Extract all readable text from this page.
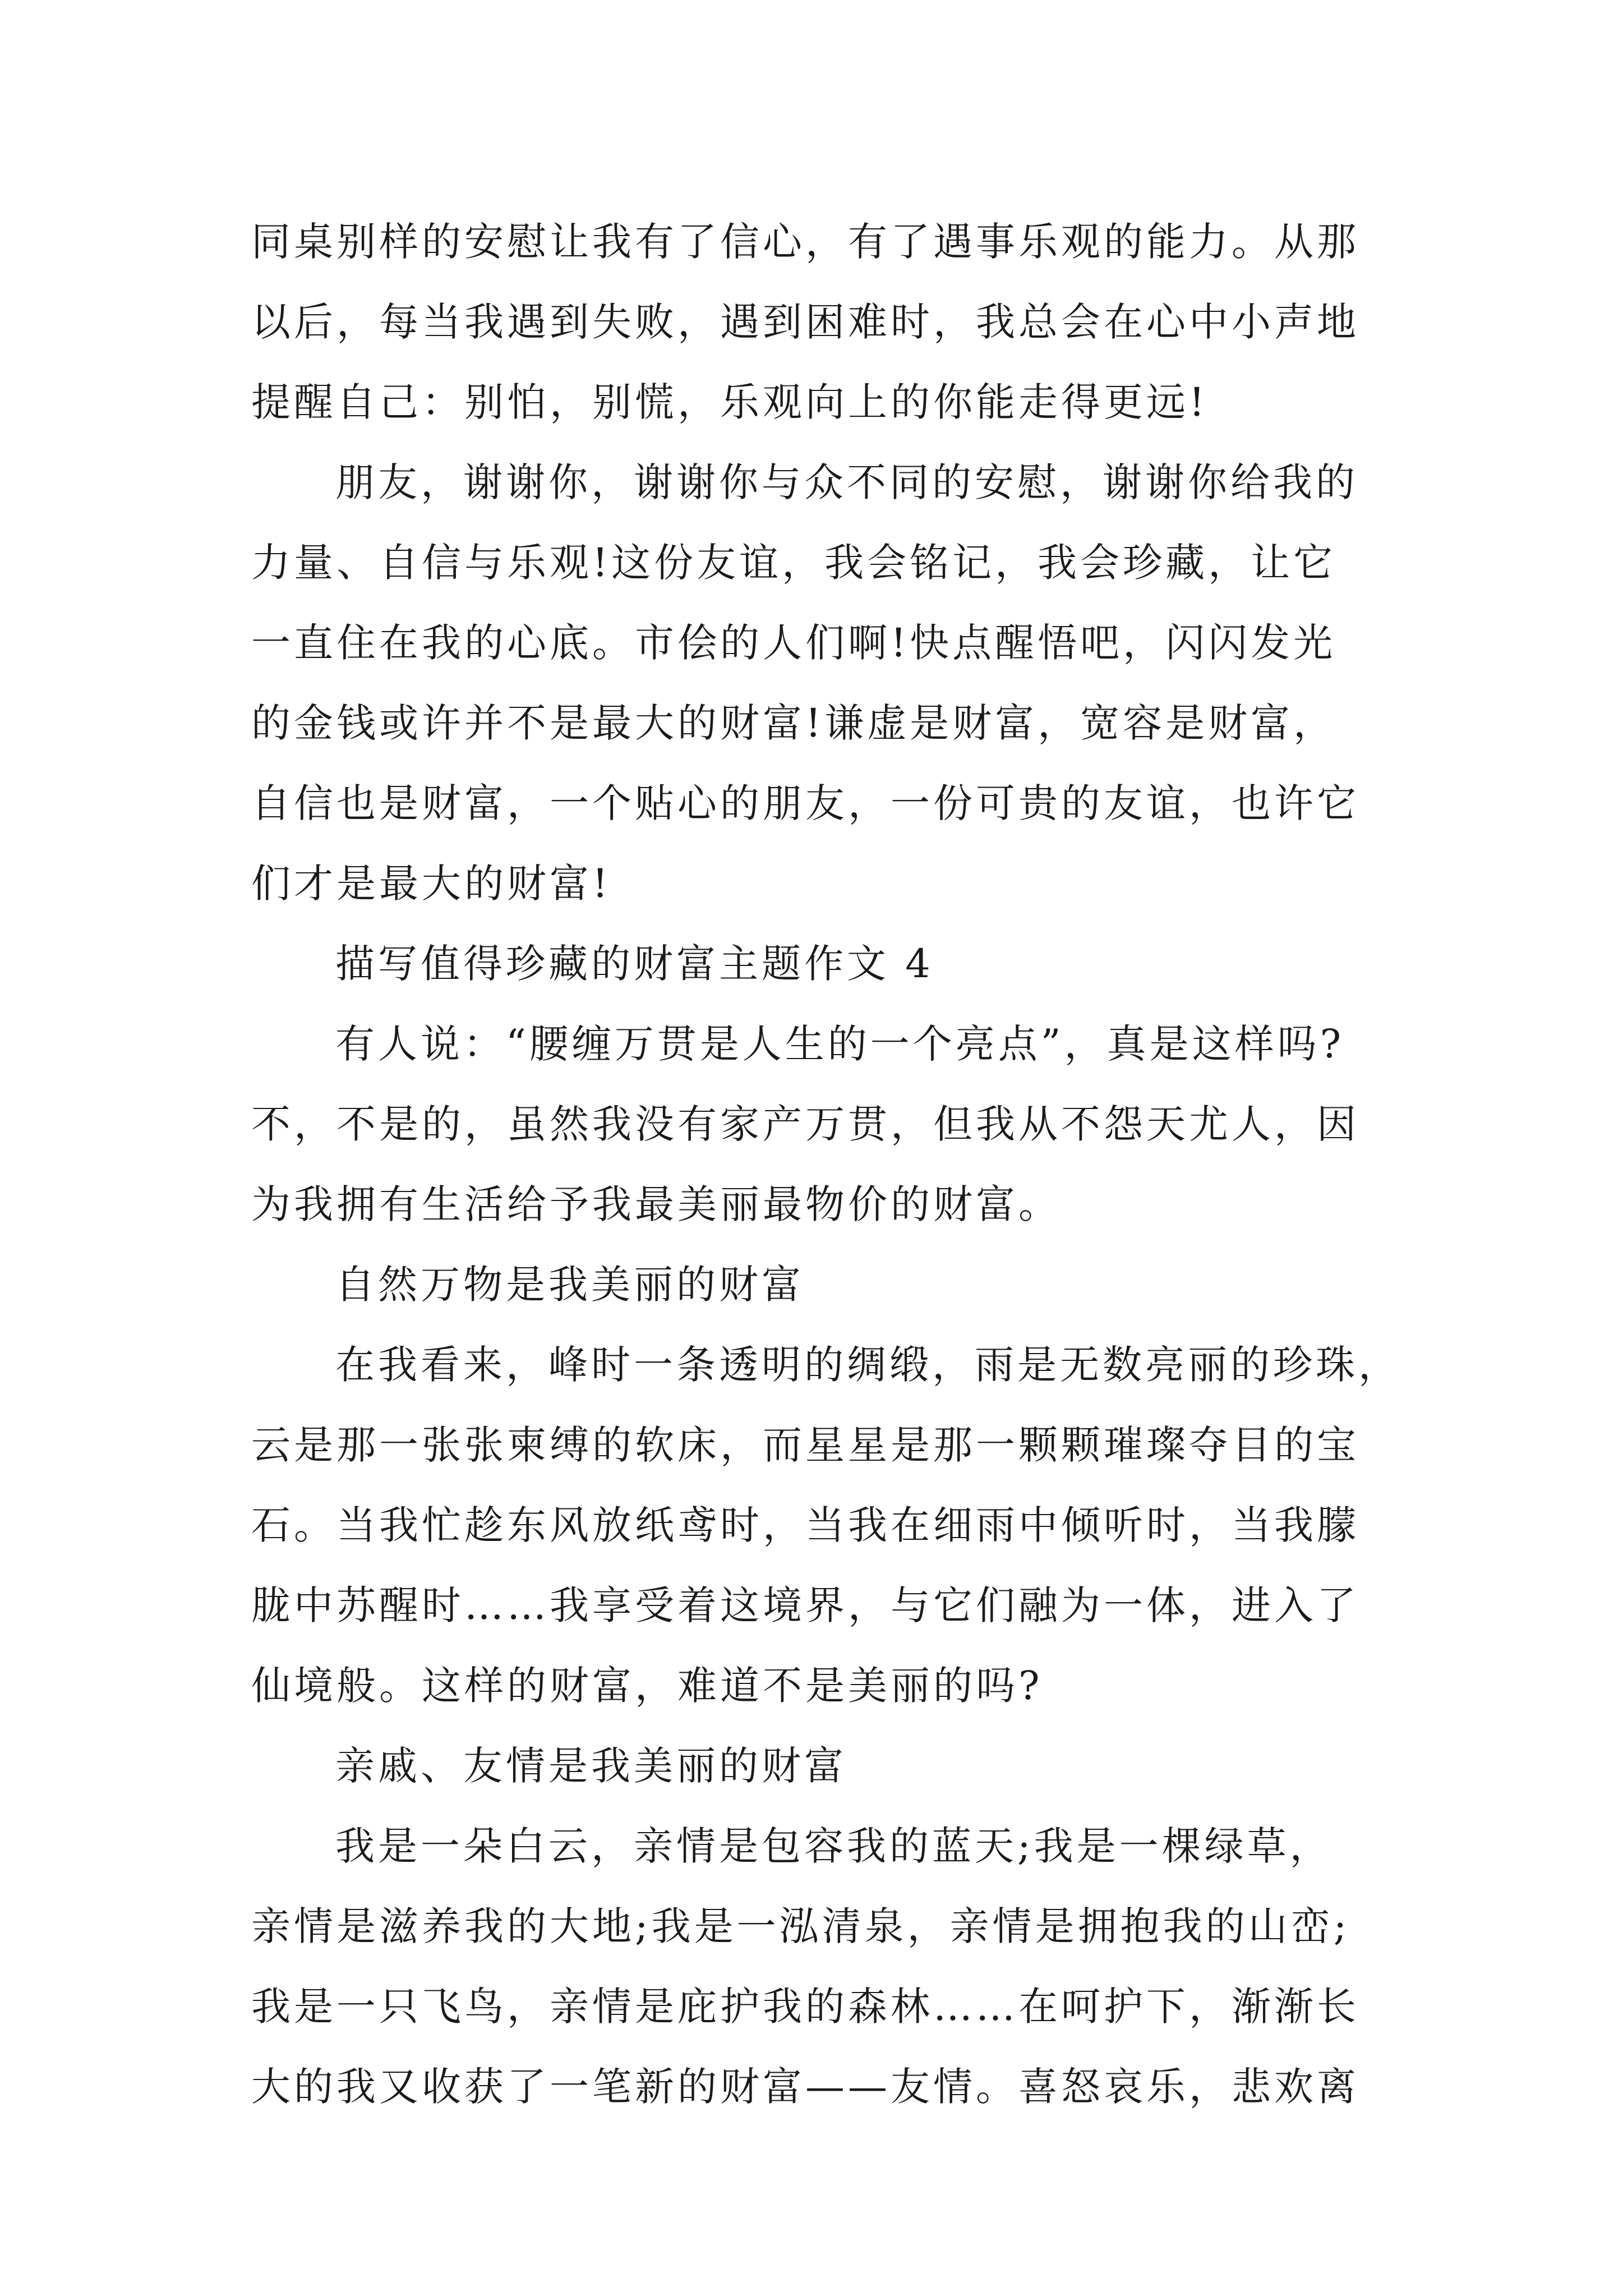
同桌别样的安慰让我有了信心，有了遇事乐观的能力。从那
以后，每当我遇到失败，遇到困难时，我总会在心中小声地
提醒自己：别怕，别慌，乐观向上的你能走得更远!
朋友，谢谢你，谢谢你与众不同的安慰，谢谢你给我的
力量、自信与乐观!这份友谊，我会铭记，我会珍藏，让它
一直住在我的心底。市侩的人们啊!快点醒悟吧，闪闪发光
的金钱或许并不是最大的财富!谦虚是财富，宽容是财富，
自信也是财富，一个贴心的朋友，一份可贵的友谊，也许它
们才是最大的财富!
描写值得珍藏的财富主题作文 4
有人说：“腰缠万贯是人生的一个亮点”，真是这样吗?
不，不是的，虽然我没有家产万贯，但我从不怨天尤人，因
为我拥有生活给予我最美丽最物价的财富。
自然万物是我美丽的财富
在我看来，峰时一条透明的绸缎，雨是无数亮丽的珍珠，
云是那一张张柬缚的软床，而星星是那一颗颗璀璨夺目的宝
石。当我忙趁东风放纸鸢时，当我在细雨中倾听时，当我朦
胧中苏醒时……我享受着这境界，与它们融为一体，进入了
仙境般。这样的财富，难道不是美丽的吗?
亲戚、友情是我美丽的财富
我是一朵白云，亲情是包容我的蓝天;我是一棵绿草，
亲情是滋养我的大地;我是一泓清泉，亲情是拥抱我的山峦;
我是一只飞鸟，亲情是庇护我的森林……在呵护下，渐渐长
大的我又收获了一笔新的财富——友情。喜怒哀乐，悲欢离
